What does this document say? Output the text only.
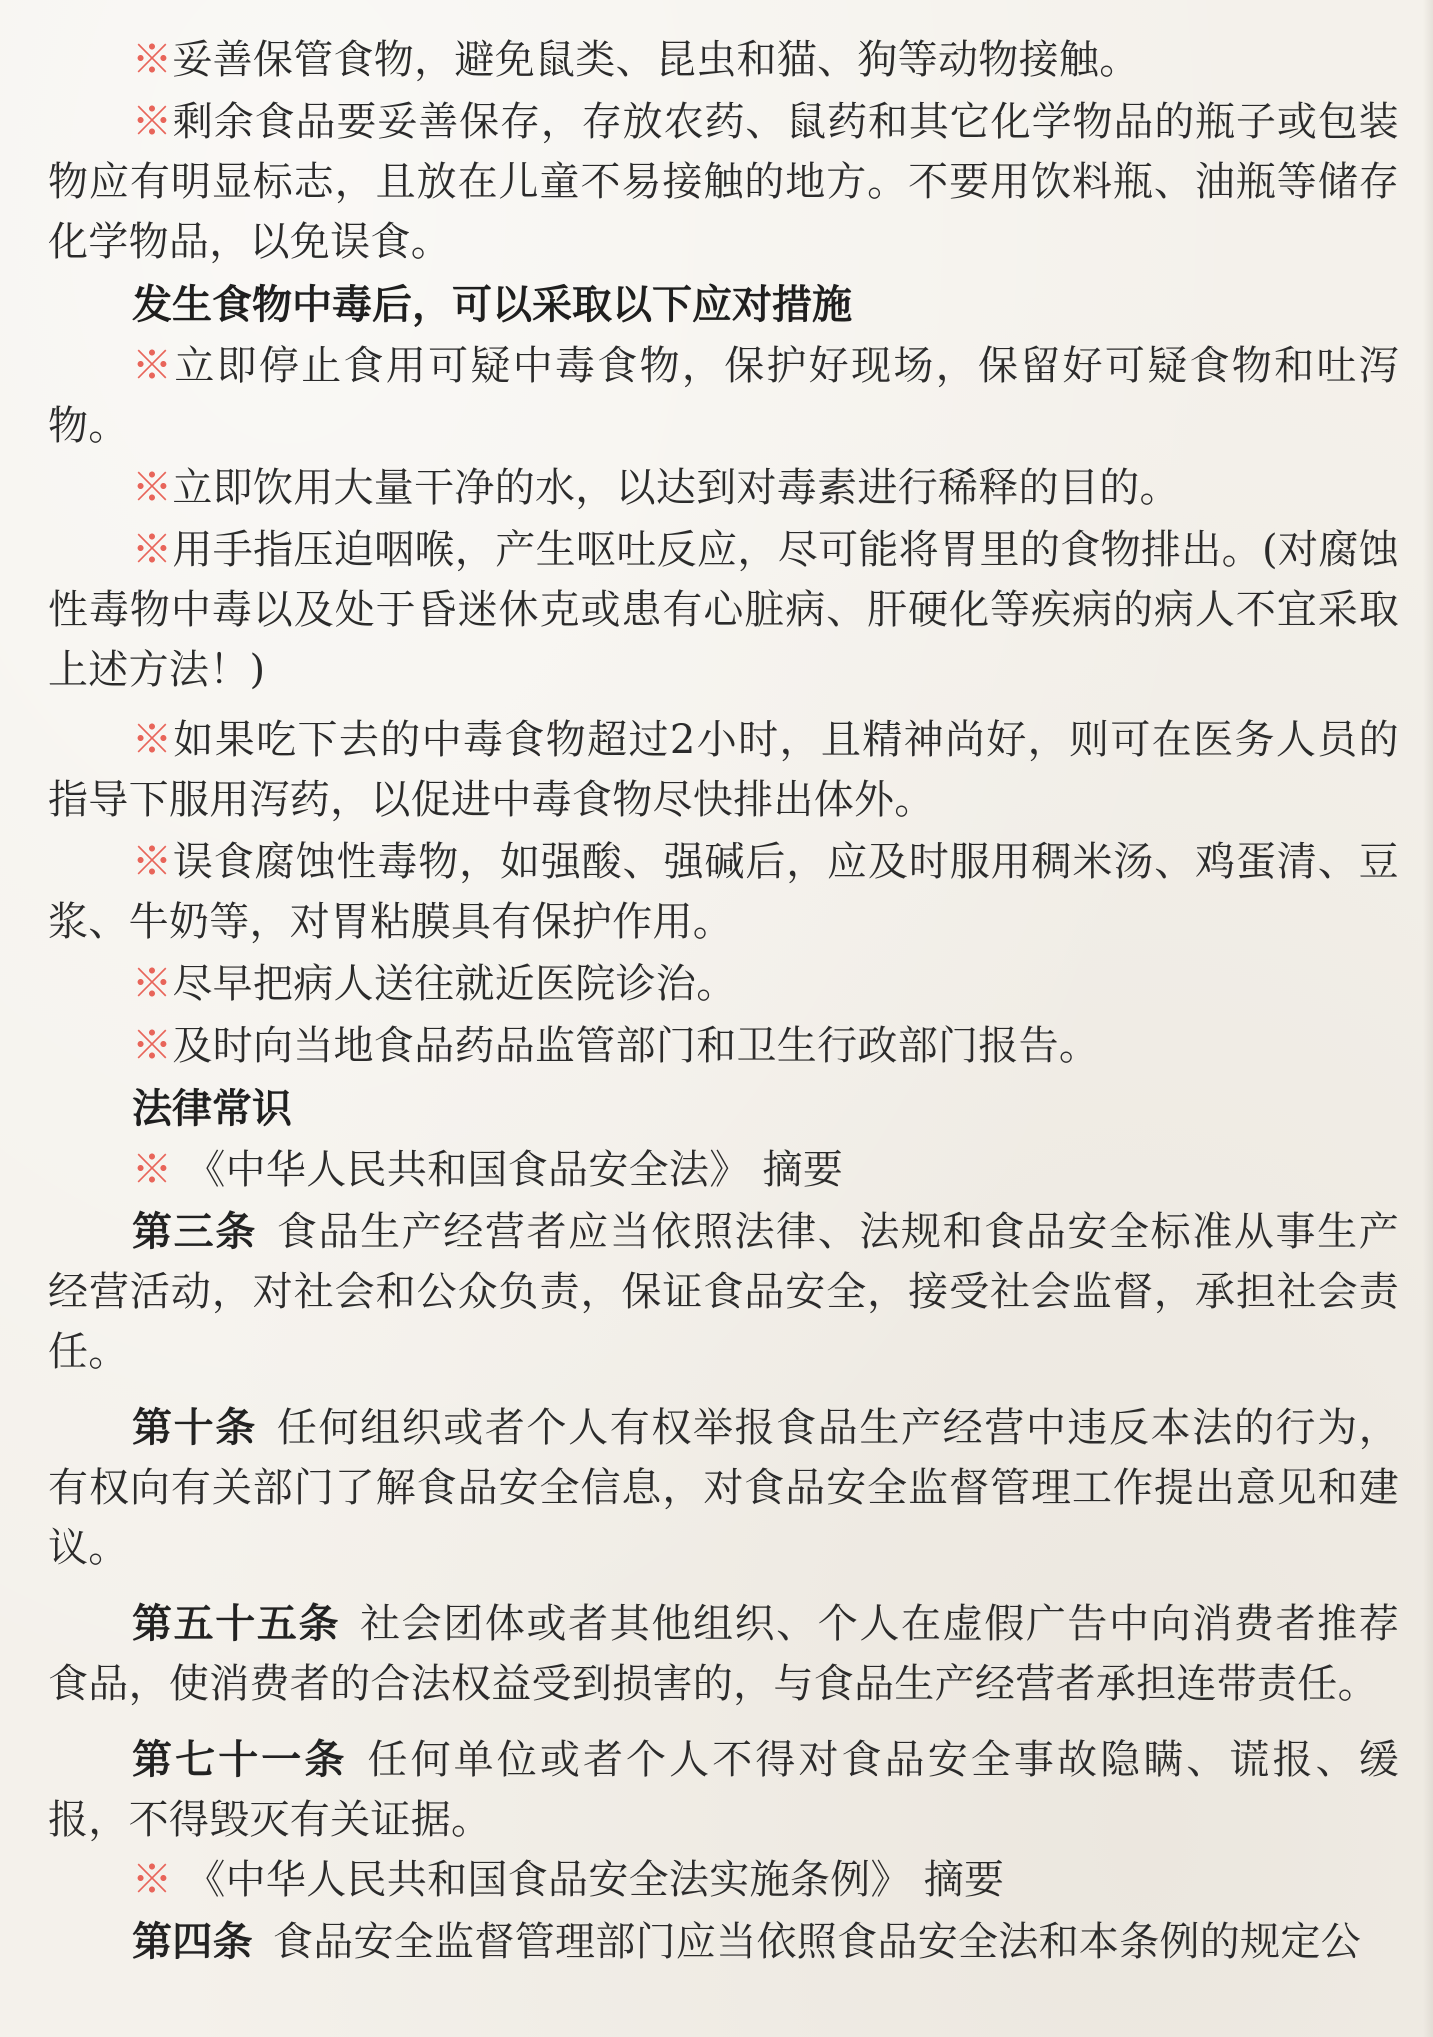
※妥善保管食物，避免鼠类、昆虫和猫、狗等动物接触。

※剩余食品要妥善保存，存放农药、鼠药和其它化学物品的瓶子或包装物应有明显标志，且放在儿童不易接触的地方。不要用饮料瓶、油瓶等储存化学物品，以免误食。

发生食物中毒后，可以采取以下应对措施

※立即停止食用可疑中毒食物，保护好现场，保留好可疑食物和吐泻物。

※立即饮用大量干净的水，以达到对毒素进行稀释的目的。

※用手指压迫咽喉，产生呕吐反应，尽可能将胃里的食物排出。(对腐蚀性毒物中毒以及处于昏迷休克或患有心脏病、肝硬化等疾病的病人不宜采取上述方法！)

※如果吃下去的中毒食物超过2小时，且精神尚好，则可在医务人员的指导下服用泻药，以促进中毒食物尽快排出体外。

※误食腐蚀性毒物，如强酸、强碱后，应及时服用稠米汤、鸡蛋清、豆浆、牛奶等，对胃粘膜具有保护作用。

※尽早把病人送往就近医院诊治。

※及时向当地食品药品监管部门和卫生行政部门报告。

法律常识

※ 《中华人民共和国食品安全法》 摘要

第三条 食品生产经营者应当依照法律、法规和食品安全标准从事生产经营活动，对社会和公众负责，保证食品安全，接受社会监督，承担社会责任。

第十条 任何组织或者个人有权举报食品生产经营中违反本法的行为，有权向有关部门了解食品安全信息，对食品安全监督管理工作提出意见和建议。

第五十五条 社会团体或者其他组织、个人在虚假广告中向消费者推荐食品，使消费者的合法权益受到损害的，与食品生产经营者承担连带责任。

第七十一条 任何单位或者个人不得对食品安全事故隐瞒、谎报、缓报，不得毁灭有关证据。

※ 《中华人民共和国食品安全法实施条例》 摘要

第四条 食品安全监督管理部门应当依照食品安全法和本条例的规定公
